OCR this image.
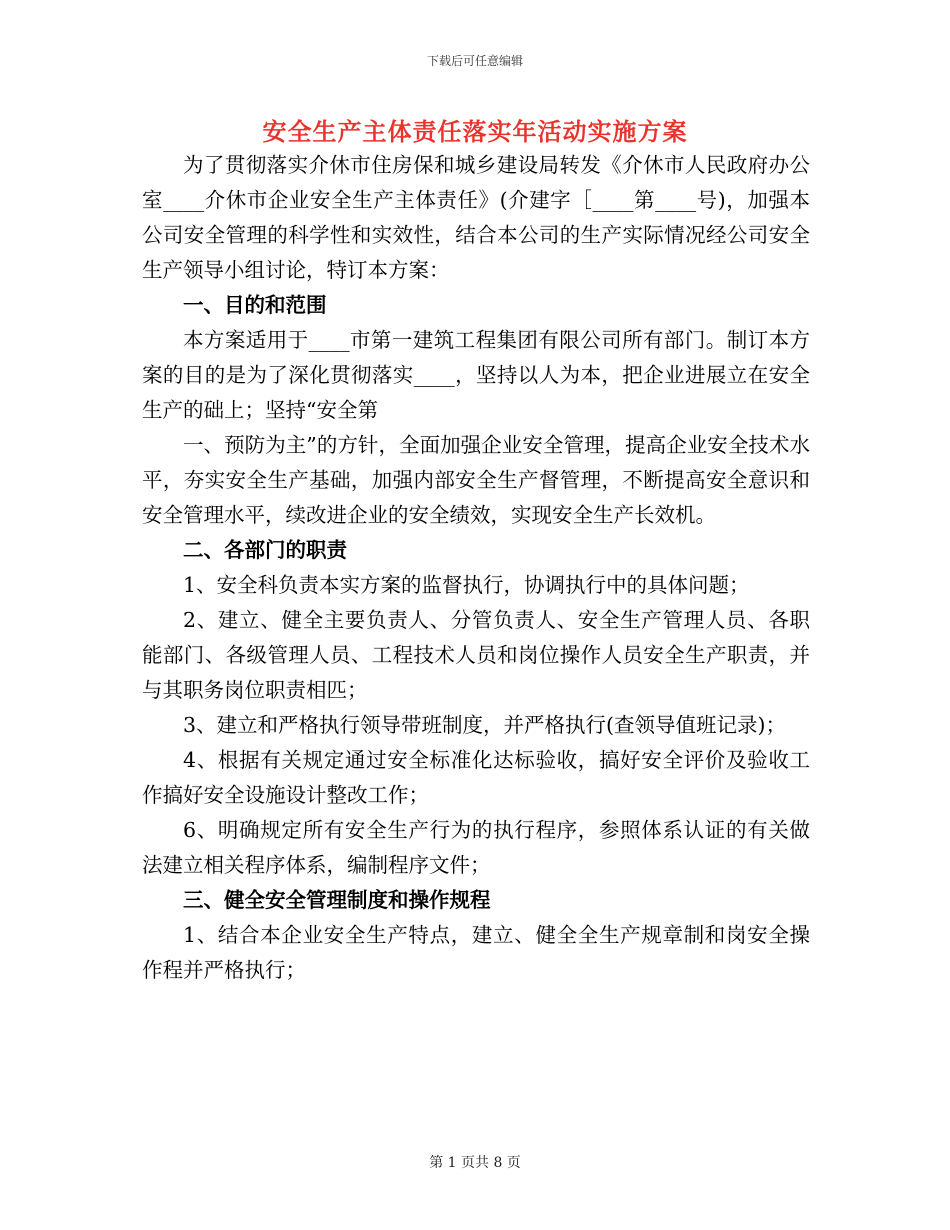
下载后可任意编辑
安全生产主体责任落实年活动实施方案

为了贯彻落实介休市住房保和城乡建设局转发《介休市人民政府办公室____介休市企业安全生产主体责任》(介建字［____第____号)，加强本公司安全管理的科学性和实效性，结合本公司的生产实际情况经公司安全生产领导小组讨论，特订本方案：

一、目的和范围

本方案适用于____市第一建筑工程集团有限公司所有部门。制订本方案的目的是为了深化贯彻落实____，坚持以人为本，把企业进展立在安全生产的础上；坚持“安全第

一、预防为主”的方针，全面加强企业安全管理，提高企业安全技术水平，夯实安全生产基础，加强内部安全生产督管理，不断提高安全意识和安全管理水平，续改进企业的安全绩效，实现安全生产长效机。

二、各部门的职责

1、安全科负责本实方案的监督执行，协调执行中的具体问题；

2、建立、健全主要负责人、分管负责人、安全生产管理人员、各职能部门、各级管理人员、工程技术人员和岗位操作人员安全生产职责，并与其职务岗位职责相匹；

3、建立和严格执行领导带班制度，并严格执行(查领导值班记录)；

4、根据有关规定通过安全标准化达标验收，搞好安全评价及验收工作搞好安全设施设计整改工作；

6、明确规定所有安全生产行为的执行程序，参照体系认证的有关做法建立相关程序体系，编制程序文件；

三、健全安全管理制度和操作规程

1、结合本企业安全生产特点，建立、健全全生产规章制和岗安全操作程并严格执行；

第 1 页共 8 页
